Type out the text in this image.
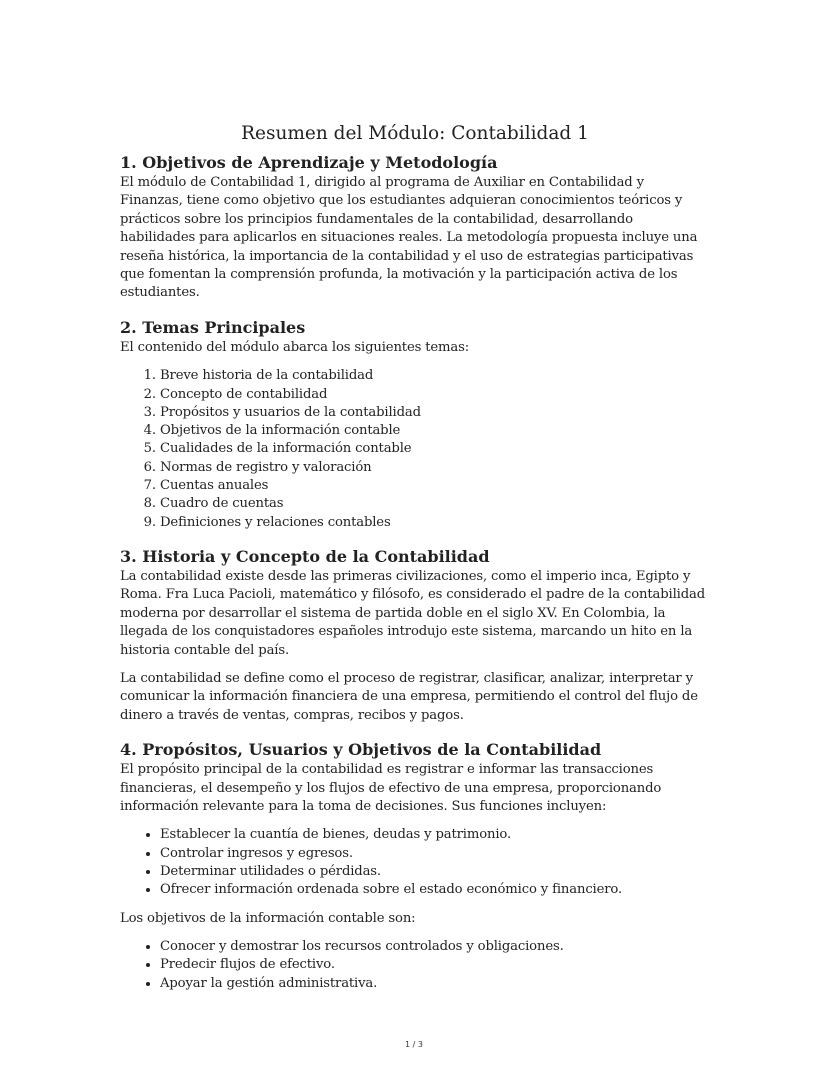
Resumen del Módulo: Contabilidad 1
1. Objetivos de Aprendizaje y Metodología

El módulo de Contabilidad 1, dirigido al programa de Auxiliar en Contabilidad y Finanzas, tiene como objetivo que los estudiantes adquieran conocimientos teóricos y prácticos sobre los principios fundamentales de la contabilidad, desarrollando habilidades para aplicarlos en situaciones reales. La metodología propuesta incluye una reseña histórica, la importancia de la contabilidad y el uso de estrategias participativas que fomentan la comprensión profunda, la motivación y la participación activa de los estudiantes.

2. Temas Principales

El contenido del módulo abarca los siguientes temas:

1. Breve historia de la contabilidad
2. Concepto de contabilidad
3. Propósitos y usuarios de la contabilidad
4. Objetivos de la información contable
5. Cualidades de la información contable
6. Normas de registro y valoración
7. Cuentas anuales
8. Cuadro de cuentas
9. Definiciones y relaciones contables
3. Historia y Concepto de la Contabilidad

La contabilidad existe desde las primeras civilizaciones, como el imperio inca, Egipto y Roma. Fra Luca Pacioli, matemático y filósofo, es considerado el padre de la contabilidad moderna por desarrollar el sistema de partida doble en el siglo XV. En Colombia, la llegada de los conquistadores españoles introdujo este sistema, marcando un hito en la historia contable del país.

La contabilidad se define como el proceso de registrar, clasificar, analizar, interpretar y comunicar la información financiera de una empresa, permitiendo el control del flujo de dinero a través de ventas, compras, recibos y pagos.

4. Propósitos, Usuarios y Objetivos de la Contabilidad

El propósito principal de la contabilidad es registrar e informar las transacciones financieras, el desempeño y los flujos de efectivo de una empresa, proporcionando información relevante para la toma de decisiones. Sus funciones incluyen:

• Establecer la cuantía de bienes, deudas y patrimonio.
• Controlar ingresos y egresos.
• Determinar utilidades o pérdidas.
• Ofrecer información ordenada sobre el estado económico y financiero.

Los objetivos de la información contable son:

• Conocer y demostrar los recursos controlados y obligaciones.
• Predecir flujos de efectivo.
• Apoyar la gestión administrativa.
1 / 3
